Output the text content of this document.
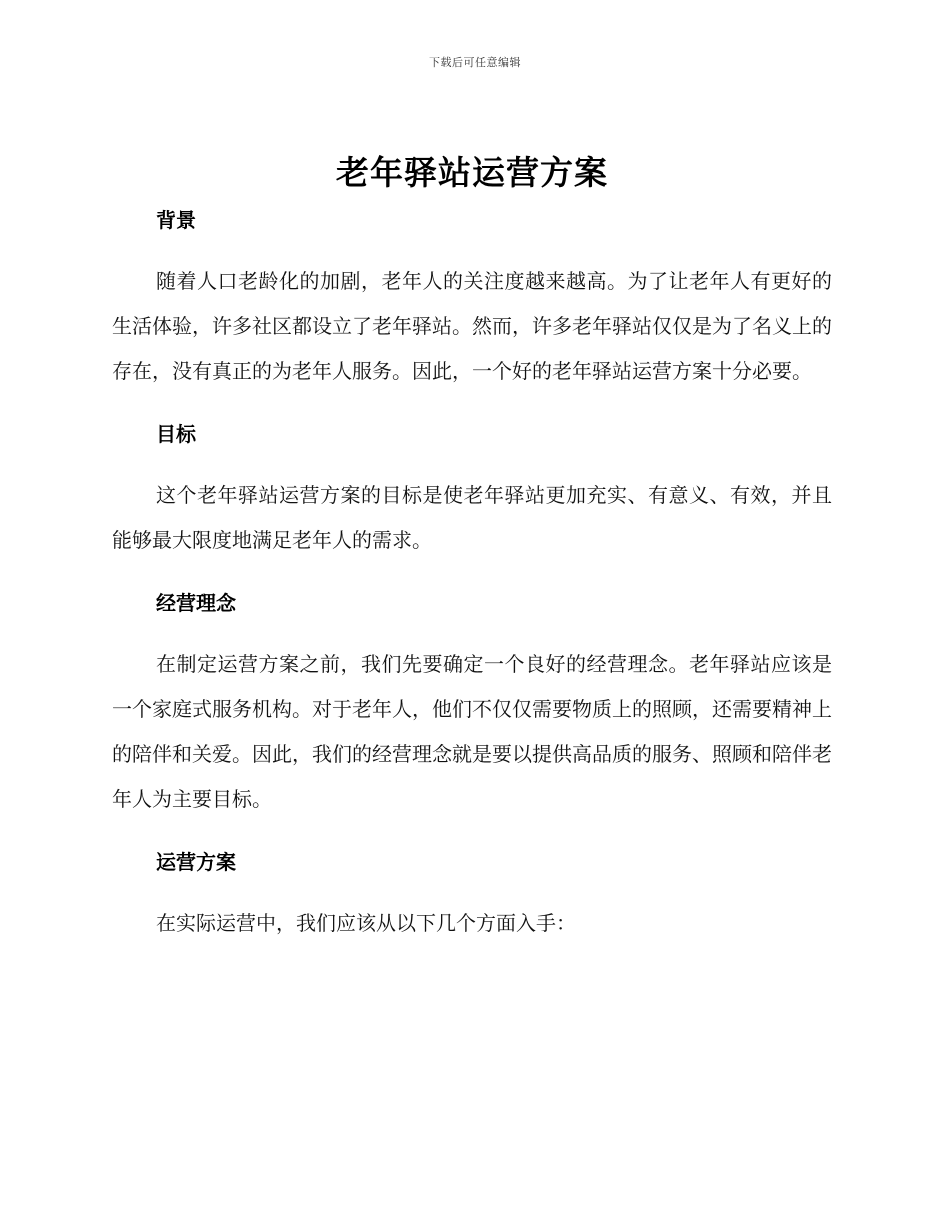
下载后可任意编辑
老年驿站运营方案
背景

随着人口老龄化的加剧，老年人的关注度越来越高。为了让老年人有更好的生活体验，许多社区都设立了老年驿站。然而，许多老年驿站仅仅是为了名义上的存在，没有真正的为老年人服务。因此，一个好的老年驿站运营方案十分必要。

目标

这个老年驿站运营方案的目标是使老年驿站更加充实、有意义、有效，并且能够最大限度地满足老年人的需求。

经营理念

在制定运营方案之前，我们先要确定一个良好的经营理念。老年驿站应该是一个家庭式服务机构。对于老年人，他们不仅仅需要物质上的照顾，还需要精神上的陪伴和关爱。因此，我们的经营理念就是要以提供高品质的服务、照顾和陪伴老年人为主要目标。

运营方案

在实际运营中，我们应该从以下几个方面入手：
